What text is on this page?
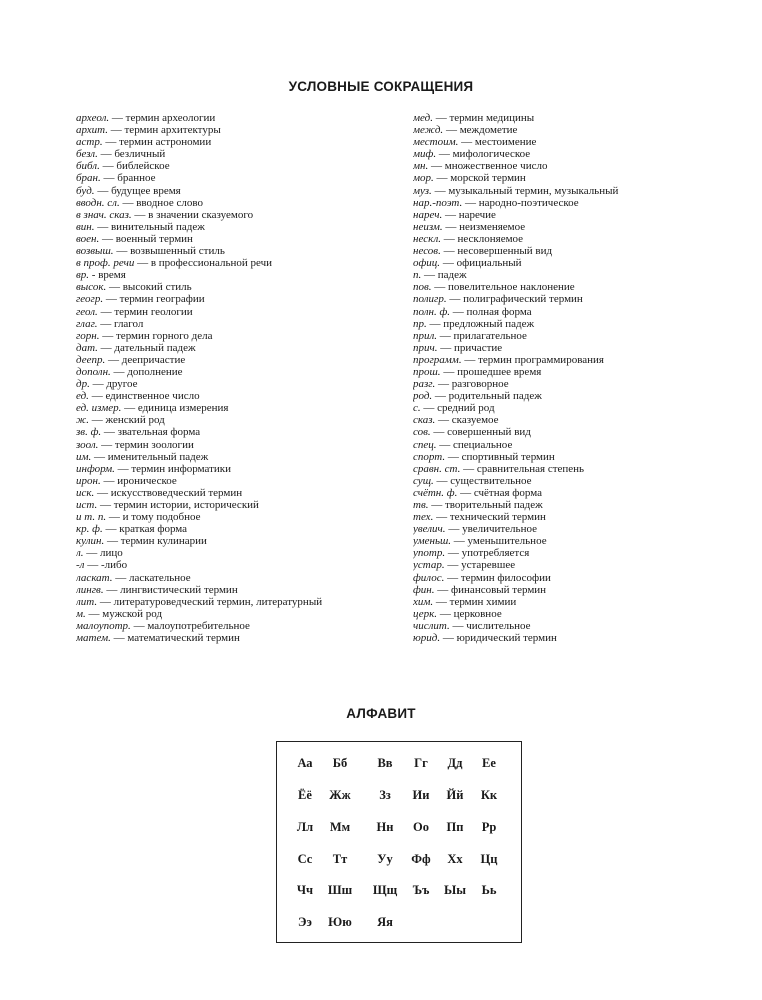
УСЛОВНЫЕ СОКРАЩЕНИЯ
археол. — термин археологии
архит. — термин архитектуры
астр. — термин астрономии
безл. — безличный
библ. — библейское
бран. — бранное
буд. — будущее время
вводн. сл. — вводное слово
в знач. сказ. — в значении сказуемого
вин. — винительный падеж
воен. — военный термин
возвыш. — возвышенный стиль
в проф. речи — в профессиональной речи
вр. - время
высок. — высокий стиль
геогр. — термин географии
геол. — термин геологии
глаг. — глагол
горн. — термин горного дела
дат. — дательный падеж
деепр. — деепричастие
дополн. — дополнение
др. — другое
ед. — единственное число
ед. измер. — единица измерения
ж. — женский род
зв. ф. — звательная форма
зоол. — термин зоологии
им. — именительный падеж
информ. — термин информатики
ирон. — ироническое
иск. — искусствоведческий термин
ист. — термин истории, исторический
и т. п. — и тому подобное
кр. ф. — краткая форма
кулин. — термин кулинарии
л. — лицо
-л — -либо
ласкат. — ласкательное
лингв. — лингвистический термин
лит. — литературоведческий термин, литературный
м. — мужской род
малоупотр. — малоупотребительное
матем. — математический термин
мед. — термин медицины
межд. — междометие
местоим. — местоимение
миф. — мифологическое
мн. — множественное число
мор. — морской термин
муз. — музыкальный термин, музыкальный
нар.-поэт. — народно-поэтическое
нареч. — наречие
неизм. — неизменяемое
нескл. — несклоняемое
несов. — несовершенный вид
офиц. — официальный
п. — падеж
пов. — повелительное наклонение
полигр. — полиграфический термин
полн. ф. — полная форма
пр. — предложный падеж
прил. — прилагательное
прич. — причастие
программ. — термин программирования
прош. — прошедшее время
разг. — разговорное
род. — родительный падеж
с. — средний род
сказ. — сказуемое
сов. — совершенный вид
спец. — специальное
спорт. — спортивный термин
сравн. ст. — сравнительная степень
сущ. — существительное
счётн. ф. — счётная форма
тв. — творительный падеж
тех. — технический термин
увелич. — увеличительное
уменьш. — уменьшительное
употр. — употребляется
устар. — устаревшее
филос. — термин философии
фин. — финансовый термин
хим. — термин химии
церк. — церковное
числит. — числительное
юрид. — юридический термин
АЛФАВИТ
Аа	Бб	Вв	Гг	Дд	Ее
Ёё	Жж	Зз	Ии	Йй	Кк
Лл	Мм	Нн	Оо	Пп	Рр
Сс	Тт	Уу	Фф	Хх	Цц
Чч	Шш	Щщ	Ъъ	Ыы	Ьь
Ээ	Юю	Яя
